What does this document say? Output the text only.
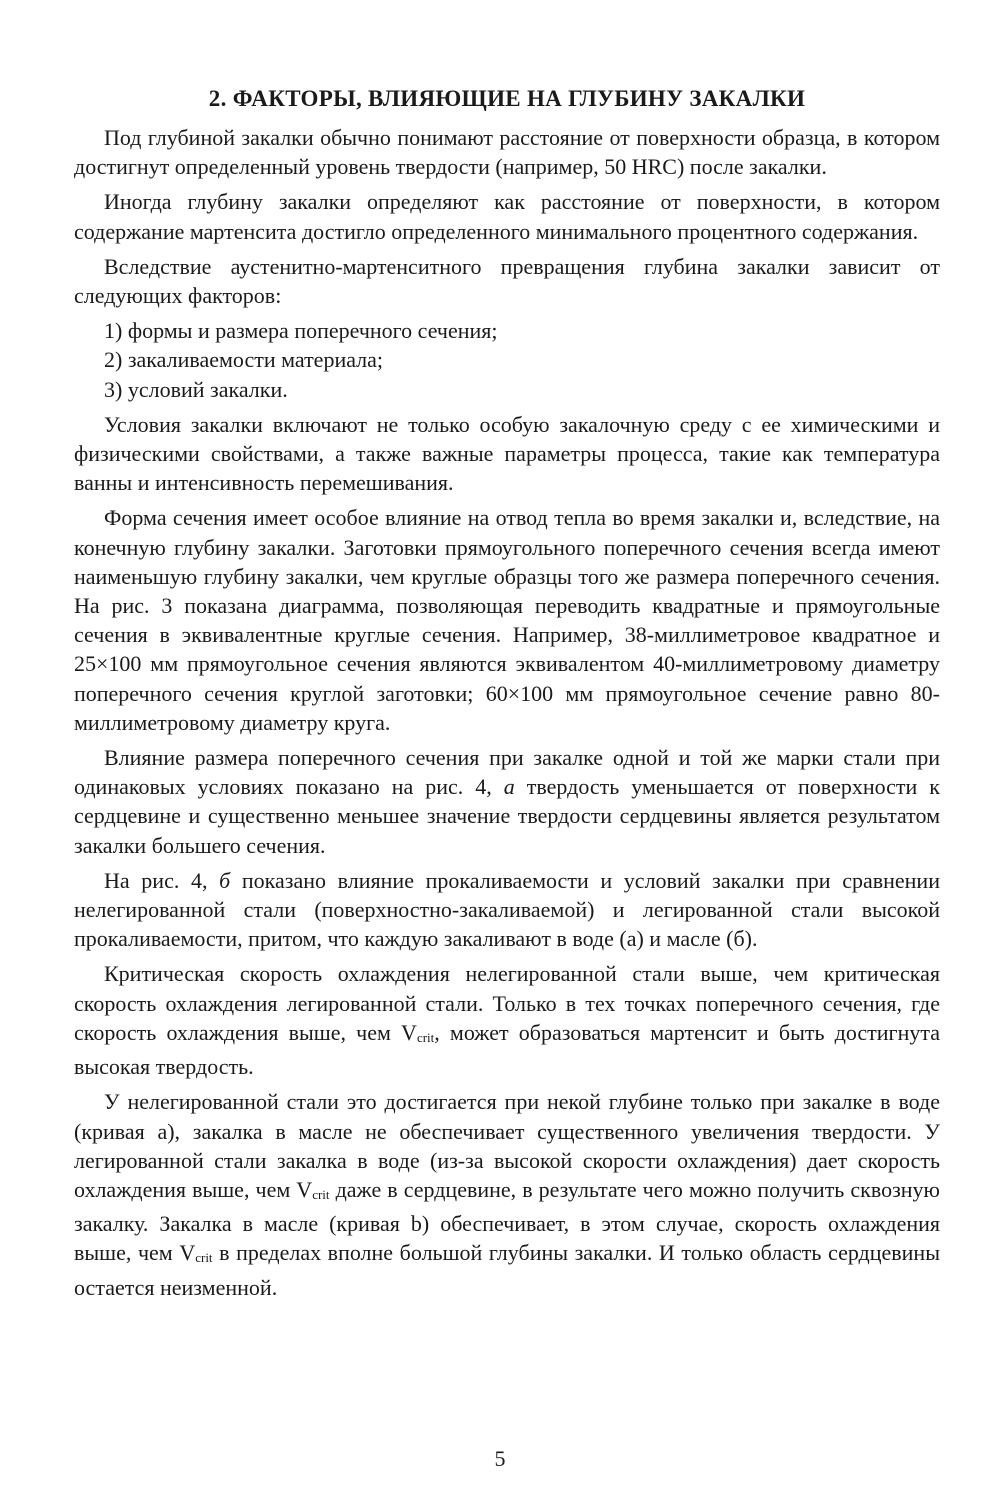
2. ФАКТОРЫ, ВЛИЯЮЩИЕ НА ГЛУБИНУ ЗАКАЛКИ

Под глубиной закалки обычно понимают расстояние от поверхности образца, в котором достигнут определенный уровень твердости (например, 50 HRC) после закалки.

Иногда глубину закалки определяют как расстояние от поверхности, в котором содержание мартенсита достигло определенного минимального процентного содержания.

Вследствие аустенитно-мартенситного превращения глубина закалки зависит от следующих факторов:

1) формы и размера поперечного сечения;

2) закаливаемости материала;

3) условий закалки.

Условия закалки включают не только особую закалочную среду с ее химическими и физическими свойствами, а также важные параметры процесса, такие как температура ванны и интенсивность перемешивания.

Форма сечения имеет особое влияние на отвод тепла во время закалки и, вследствие, на конечную глубину закалки. Заготовки прямоугольного поперечного сечения всегда имеют наименьшую глубину закалки, чем круглые образцы того же размера поперечного сечения. На рис. 3 показана диаграмма, позволяющая переводить квадратные и прямоугольные сечения в эквивалентные круглые сечения. Например, 38-миллиметровое квадратное и 25×100 мм прямоугольное сечения являются эквивалентом 40-миллиметровому диаметру поперечного сечения круглой заготовки; 60×100 мм прямоугольное сечение равно 80-миллиметровому диаметру круга.

Влияние размера поперечного сечения при закалке одной и той же марки стали при одинаковых условиях показано на рис. 4, а твердость уменьшается от поверхности к сердцевине и существенно меньшее значение твердости сердцевины является результатом закалки большего сечения.

На рис. 4, б показано влияние прокаливаемости и условий закалки при сравнении нелегированной стали (поверхностно-закаливаемой) и легированной стали высокой прокаливаемости, притом, что каждую закаливают в воде (а) и масле (б).

Критическая скорость охлаждения нелегированной стали выше, чем критическая скорость охлаждения легированной стали. Только в тех точках поперечного сечения, где скорость охлаждения выше, чем $V_{crit}$, может образоваться мартенсит и быть достигнута высокая твердость.

У нелегированной стали это достигается при некой глубине только при закалке в воде (кривая а), закалка в масле не обеспечивает существенного увеличения твердости. У легированной стали закалка в воде (из-за высокой скорости охлаждения) дает скорость охлаждения выше, чем $V_{crit}$ даже в сердцевине, в результате чего можно получить сквозную закалку. Закалка в масле (кривая b) обеспечивает, в этом случае, скорость охлаждения выше, чем $V_{crit}$ в пределах вполне большой глубины закалки. И только область сердцевины остается неизменной.

5
